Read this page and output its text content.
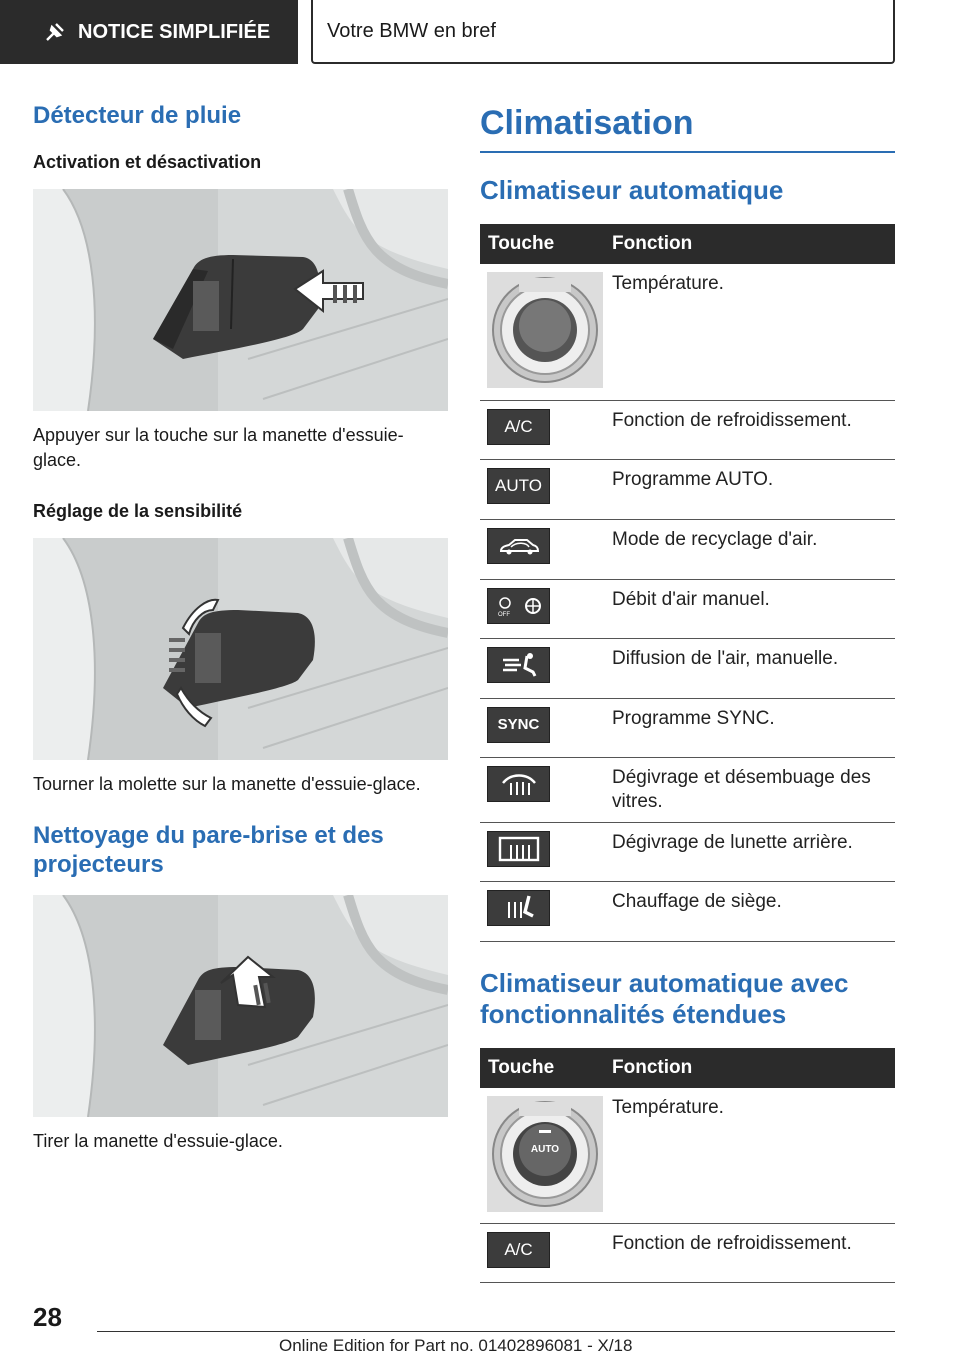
NOTICE SIMPLIFIÉE	Votre BMW en bref
Détecteur de pluie
Activation et désactivation
Appuyer sur la touche sur la manette d'essuie-glace.
Réglage de la sensibilité
Tourner la molette sur la manette d'essuie-glace.
Nettoyage du pare-brise et des projecteurs
Tirer la manette d'essuie-glace.
Climatisation
Climatiseur automatique
Touche	Fonction

	Température.

A/C	Fonction de refroidissement.

AUTO	Programme AUTO.

	Mode de recyclage d'air.

OFF	Débit d'air manuel.

	Diffusion de l'air, manuelle.

SYNC	Programme SYNC.

	Dégivrage et désembuage des vitres.

	Dégivrage de lunette arrière.

	Chauffage de siège.
Climatiseur automatique avec fonctionnalités étendues
Touche	Fonction

AUTO	Température.

A/C	Fonction de refroidissement.
28
Online Edition for Part no. 01402896081 - X/18
